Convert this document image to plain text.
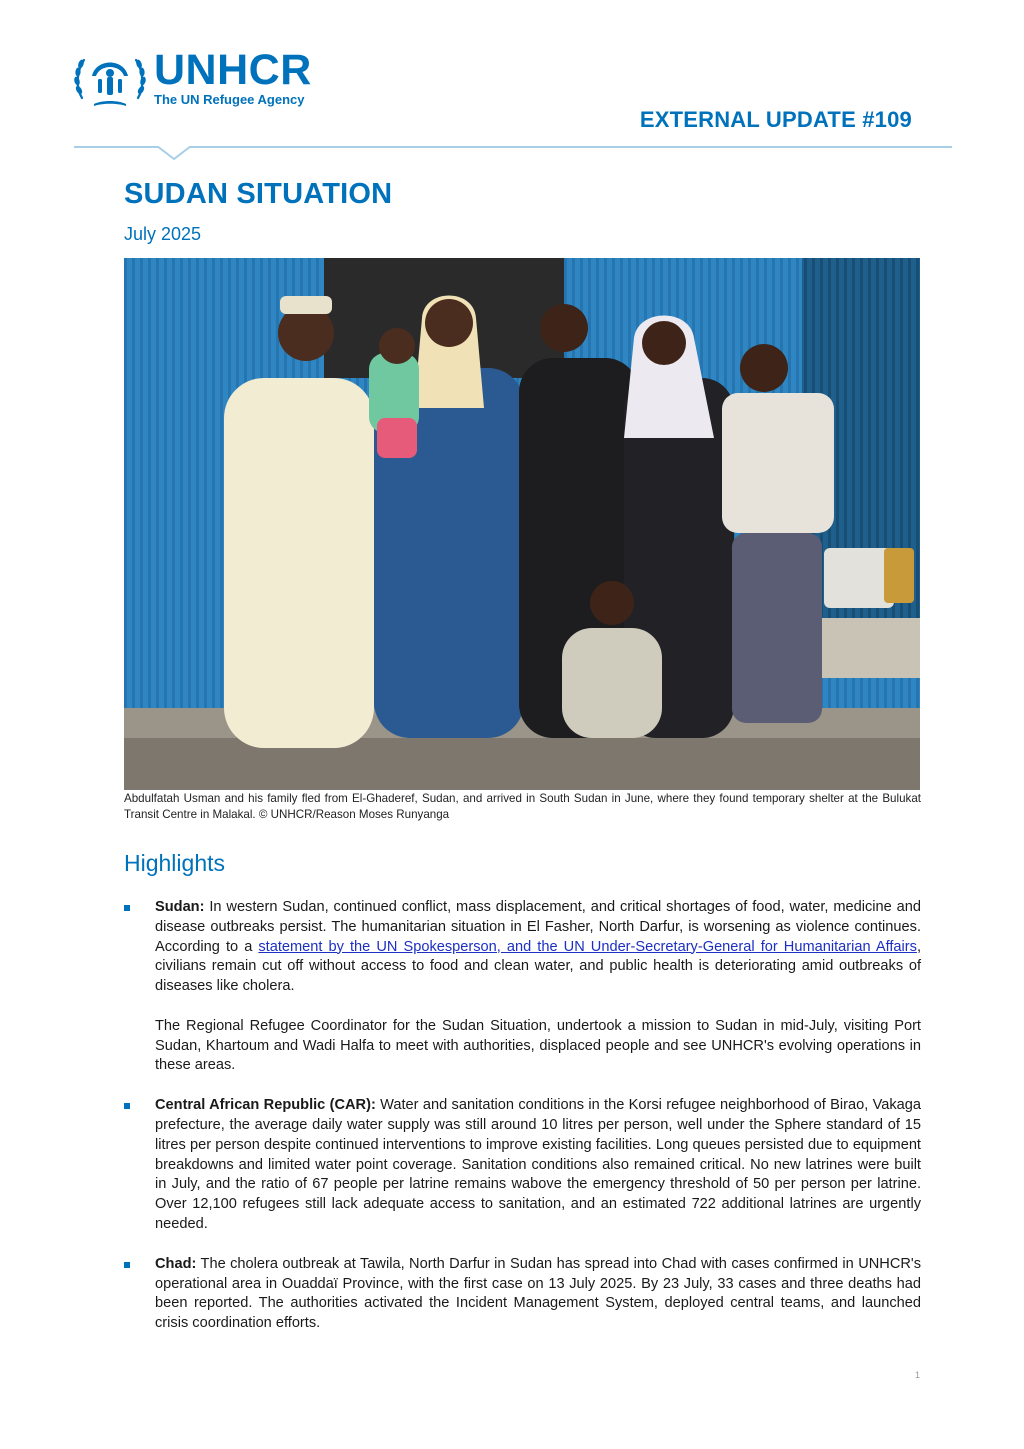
UNHCR
The UN Refugee Agency
EXTERNAL UPDATE #109
SUDAN SITUATION
July 2025
Abdulfatah Usman and his family fled from El-Ghaderef, Sudan, and arrived in South Sudan in June, where they found temporary shelter at the Bulukat Transit Centre in Malakal. © UNHCR/Reason Moses Runyanga
Highlights

Sudan: In western Sudan, continued conflict, mass displacement, and critical shortages of food, water, medicine and disease outbreaks persist. The humanitarian situation in El Fasher, North Darfur, is worsening as violence continues. According to a statement by the UN Spokesperson, and the UN Under-Secretary-General for Humanitarian Affairs, civilians remain cut off without access to food and clean water, and public health is deteriorating amid outbreaks of diseases like cholera.

The Regional Refugee Coordinator for the Sudan Situation, undertook a mission to Sudan in mid-July, visiting Port Sudan, Khartoum and Wadi Halfa to meet with authorities, displaced people and see UNHCR's evolving operations in these areas.

Central African Republic (CAR): Water and sanitation conditions in the Korsi refugee neighborhood of Birao, Vakaga prefecture, the average daily water supply was still around 10 litres per person, well under the Sphere standard of 15 litres per person despite continued interventions to improve existing facilities. Long queues persisted due to equipment breakdowns and limited water point coverage. Sanitation conditions also remained critical. No new latrines were built in July, and the ratio of 67 people per latrine remains wabove the emergency threshold of 50 per person per latrine. Over 12,100 refugees still lack adequate access to sanitation, and an estimated 722 additional latrines are urgently needed.

Chad: The cholera outbreak at Tawila, North Darfur in Sudan has spread into Chad with cases confirmed in UNHCR's operational area in Ouaddaï Province, with the first case on 13 July 2025. By 23 July, 33 cases and three deaths had been reported. The authorities activated the Incident Management System, deployed central teams, and launched crisis coordination efforts.

1
